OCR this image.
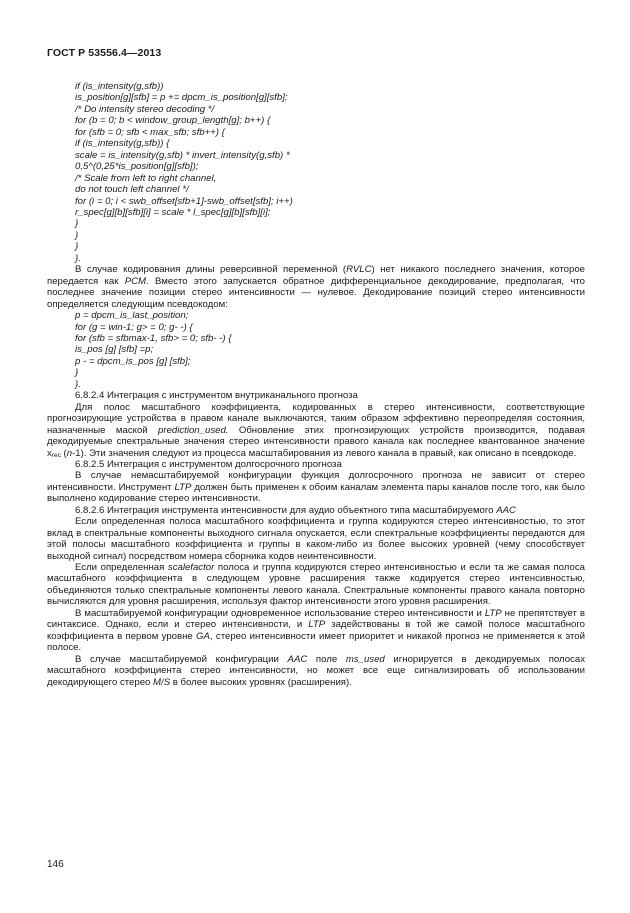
ГОСТ Р 53556.4—2013
if (is_intensity(g,sfb))
is_position[g][sfb] = p += dpcm_is_position[g][sfb];
/* Do intensity stereo decoding */
for (b = 0; b < window_group_length[g]; b++) {
for (sfb = 0; sfb < max_sfb; sfb++) {
if (is_intensity(g,sfb)) {
scale = is_intensity(g,sfb) * invert_intensity(g,sfb) *
0,5^(0,25*is_position[g][sfb]);
/* Scale from left to right channel,
do not touch left channel */
for (i = 0; i < swb_offset[sfb+1]-swb_offset[sfb]; i++)
r_spec[g][b][sfb][i] = scale * l_spec[g][b][sfb][i];
}
}
}
}.

В случае кодирования длины реверсивной переменной (RVLC) нет никакого последнего значения, которое передается как PCM. Вместо этого запускается обратное дифференциальное декодирование, предполагая, что последнее значение позиции стерео интенсивности — нулевое. Декодирование позиций стерео интенсивности определяется следующим псевдокодом:

p = dpcm_is_last_position;
for (g = win-1; g> = 0; g- -) {
for (sfb = sfbmax-1, sfb> = 0; sfb- -) {
is_pos [g] [sfb] =p;
p - = dpcm_is_pos [g] [sfb];
}
}.
6.8.2.4 Интеграция с инструментом внутриканального прогноза

Для полос масштабного коэффициента, кодированных в стерео интенсивности, соответствующие прогнозирующие устройства в правом канале выключаются, таким образом эффективно переопределяя состояния, назначенные маской prediction_used. Обновление этих прогнозирующих устройств производится, подавая декодируемые спектральные значения стерео интенсивности правого канала как последнее квантованное значение $x_{rec}$ (n-1). Эти значения следуют из процесса масштабирования из левого канала в правый, как описано в псевдокоде.

6.8.2.5 Интеграция с инструментом долгосрочного прогноза

В случае немасштабируемой конфигурации функция долгосрочного прогноза не зависит от стерео интенсивности. Инструмент LTP должен быть применен к обоим каналам элемента пары каналов после того, как было выполнено кодирование стерео интенсивности.

6.8.2.6 Интеграция инструмента интенсивности для аудио объектного типа масштабируемого AAC

Если определенная полоса масштабного коэффициента и группа кодируются стерео интенсивностью, то этот вклад в спектральные компоненты выходного сигнала опускается, если спектральные коэффициенты передаются для этой полосы масштабного коэффициента и группы в каком-либо из более высоких уровней (чему способствует выходной сигнал) посредством номера сборника кодов неинтенсивности.

Если определенная scalefactor полоса и группа кодируются стерео интенсивностью и если та же самая полоса масштабного коэффициента в следующем уровне расширения также кодируется стерео интенсивностью, объединяются только спектральные компоненты левого канала. Спектральные компоненты правого канала повторно вычисляются для уровня расширения, используя фактор интенсивности этого уровня расширения.

В масштабируемой конфигурации одновременное использование стерео интенсивности и LTP не препятствует в синтаксисе. Однако, если и стерео интенсивности, и LTP задействованы в той же самой полосе масштабного коэффициента в первом уровне GA, стерео интенсивности имеет приоритет и никакой прогноз не применяется к этой полосе.

В случае масштабируемой конфигурации AAC поле ms_used игнорируется в декодируемых полосах масштабного коэффициента стерео интенсивности, но может все еще сигнализировать об использовании декодирующего стерео M/S в более высоких уровнях (расширения).

146
